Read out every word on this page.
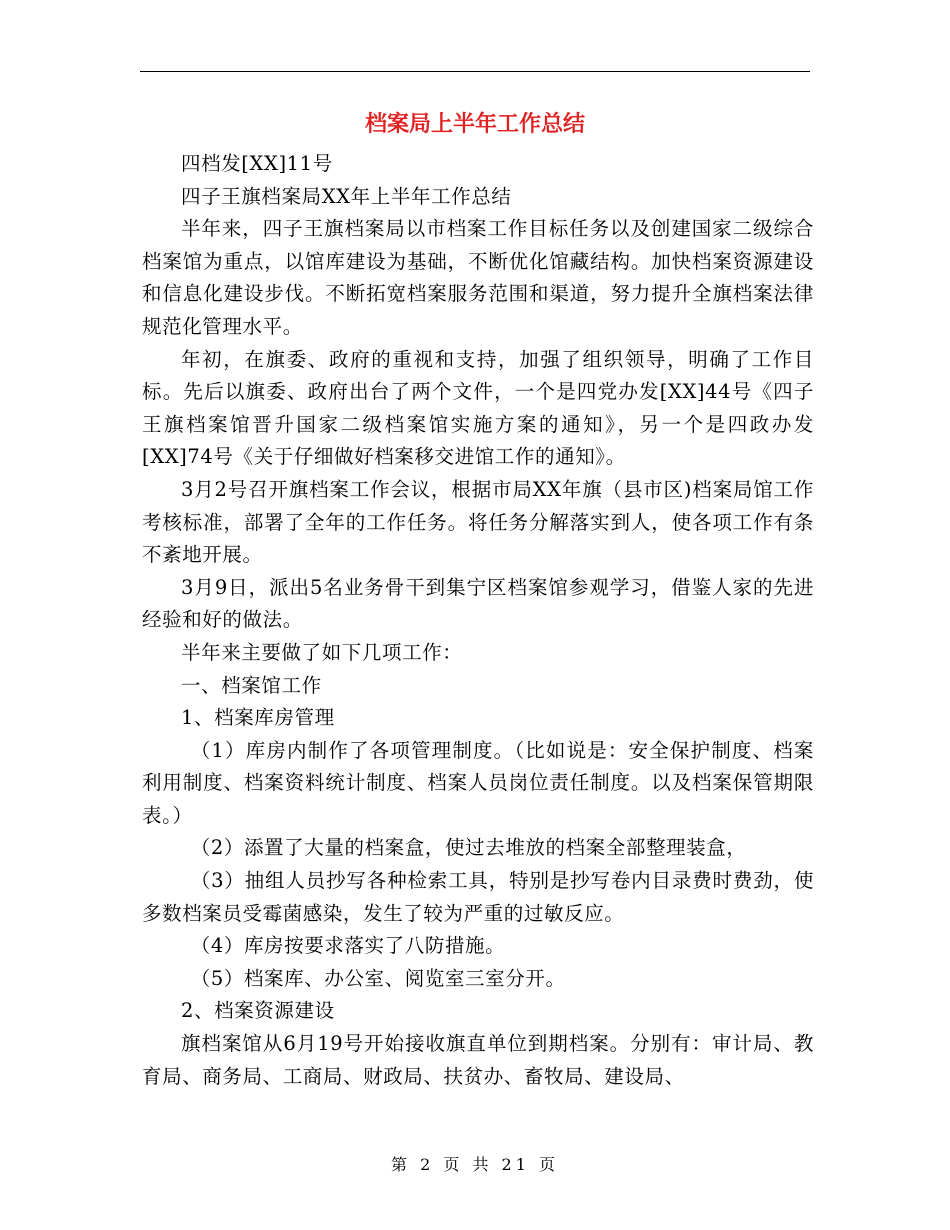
档案局上半年工作总结

四档发[XX]11号

四子王旗档案局XX年上半年工作总结

半年来，四子王旗档案局以市档案工作目标任务以及创建国家二级综合档案馆为重点，以馆库建设为基础，不断优化馆藏结构。加快档案资源建设和信息化建设步伐。不断拓宽档案服务范围和渠道，努力提升全旗档案法律规范化管理水平。

年初，在旗委、政府的重视和支持，加强了组织领导，明确了工作目标。先后以旗委、政府出台了两个文件，一个是四党办发[XX]44号《四子王旗档案馆晋升国家二级档案馆实施方案的通知》，另一个是四政办发[XX]74号《关于仔细做好档案移交进馆工作的通知》。

3月2号召开旗档案工作会议，根据市局XX年旗（县市区)档案局馆工作考核标准，部署了全年的工作任务。将任务分解落实到人，使各项工作有条不紊地开展。

3月9日，派出5名业务骨干到集宁区档案馆参观学习，借鉴人家的先进经验和好的做法。

半年来主要做了如下几项工作：

一、档案馆工作

1、档案库房管理

（1）库房内制作了各项管理制度。（比如说是：安全保护制度、档案利用制度、档案资料统计制度、档案人员岗位责任制度。以及档案保管期限表。）

（2）添置了大量的档案盒，使过去堆放的档案全部整理装盒，

（3）抽组人员抄写各种检索工具，特别是抄写卷内目录费时费劲，使多数档案员受霉菌感染，发生了较为严重的过敏反应。

（4）库房按要求落实了八防措施。

（5）档案库、办公室、阅览室三室分开。

2、档案资源建设

旗档案馆从6月19号开始接收旗直单位到期档案。分别有：审计局、教育局、商务局、工商局、财政局、扶贫办、畜牧局、建设局、

第 2 页 共 21 页
